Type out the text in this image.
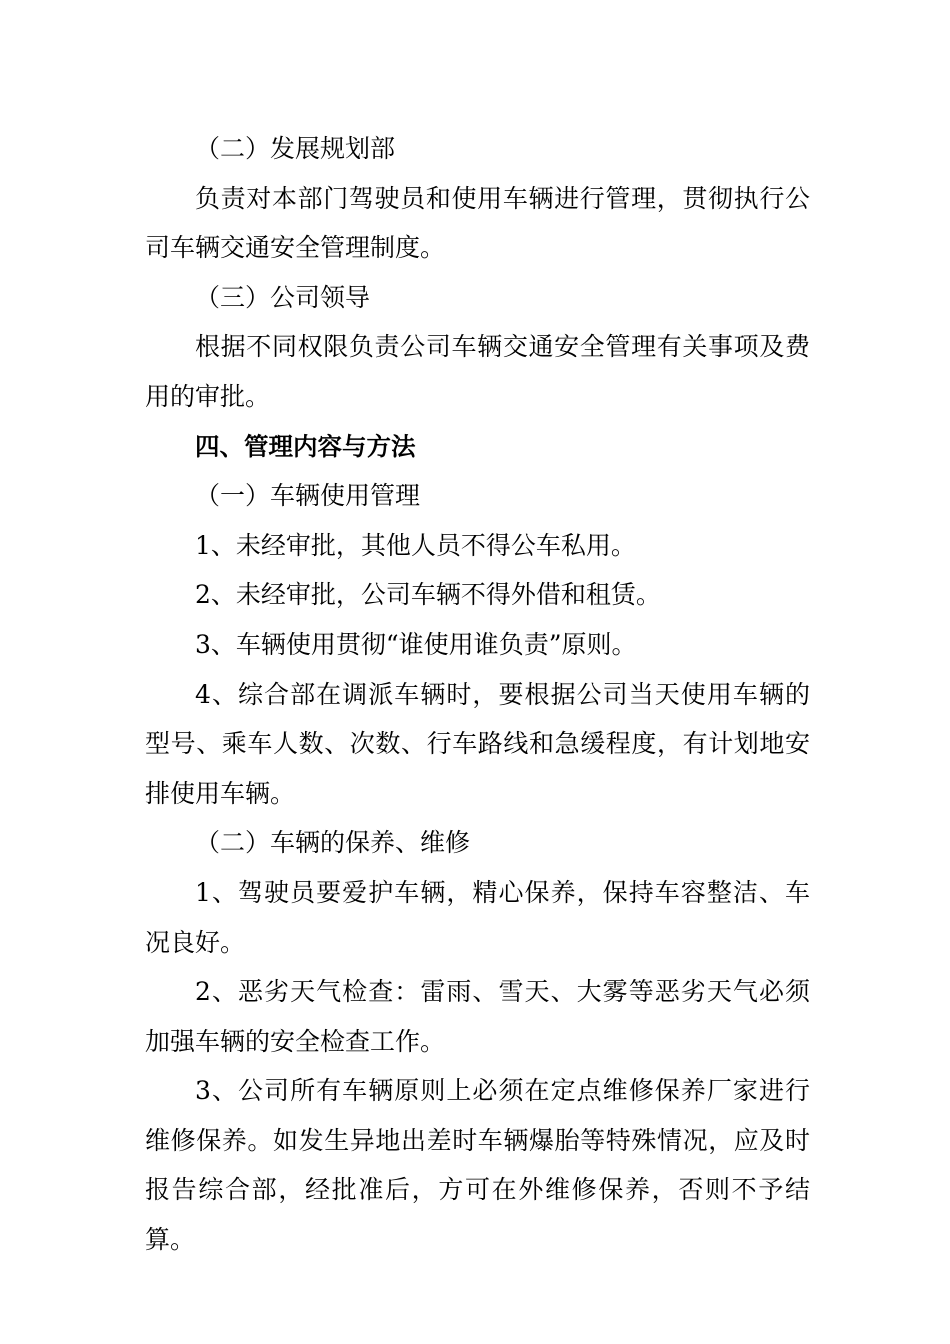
（二）发展规划部

负责对本部门驾驶员和使用车辆进行管理，贯彻执行公司车辆交通安全管理制度。

（三）公司领导

根据不同权限负责公司车辆交通安全管理有关事项及费用的审批。

四、管理内容与方法

（一）车辆使用管理

1、未经审批，其他人员不得公车私用。

2、未经审批，公司车辆不得外借和租赁。

3、车辆使用贯彻“谁使用谁负责”原则。

4、综合部在调派车辆时，要根据公司当天使用车辆的型号、乘车人数、次数、行车路线和急缓程度，有计划地安排使用车辆。

（二）车辆的保养、维修

1、驾驶员要爱护车辆，精心保养，保持车容整洁、车况良好。

2、恶劣天气检查：雷雨、雪天、大雾等恶劣天气必须加强车辆的安全检查工作。

3、公司所有车辆原则上必须在定点维修保养厂家进行维修保养。如发生异地出差时车辆爆胎等特殊情况，应及时报告综合部，经批准后，方可在外维修保养，否则不予结算。
